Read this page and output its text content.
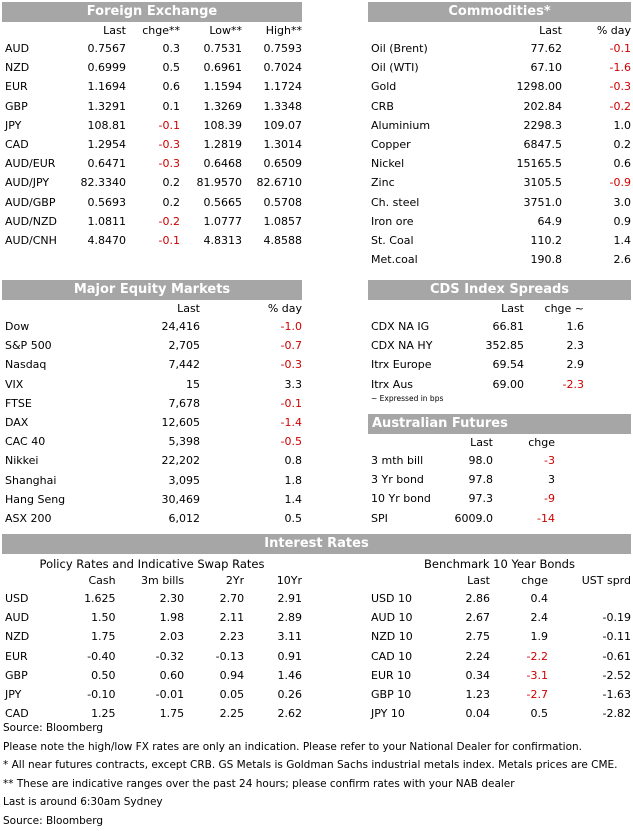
Foreign Exchange
	Last	chge**	Low**	High**
AUD	0.7567	0.3	0.7531	0.7593
NZD	0.6999	0.5	0.6961	0.7024
EUR	1.1694	0.6	1.1594	1.1724
GBP	1.3291	0.1	1.3269	1.3348
JPY	108.81	-0.1	108.39	109.07
CAD	1.2954	-0.3	1.2819	1.3014
AUD/EUR	0.6471	-0.3	0.6468	0.6509
AUD/JPY	82.3340	0.2	81.9570	82.6710
AUD/GBP	0.5693	0.2	0.5665	0.5708
AUD/NZD	1.0811	-0.2	1.0777	1.0857
AUD/CNH	4.8470	-0.1	4.8313	4.8588
Commodities*
	Last	% day
Oil (Brent)	77.62	-0.1
Oil (WTI)	67.10	-1.6
Gold	1298.00	-0.3
CRB	202.84	-0.2
Aluminium	2298.3	1.0
Copper	6847.5	0.2
Nickel	15165.5	0.6
Zinc	3105.5	-0.9
Ch. steel	3751.0	3.0
Iron ore	64.9	0.9
St. Coal	110.2	1.4
Met.coal	190.8	2.6
Major Equity Markets
	Last	% day
Dow	24,416	-1.0
S&P 500	2,705	-0.7
Nasdaq	7,442	-0.3
VIX	15	3.3
FTSE	7,678	-0.1
DAX	12,605	-1.4
CAC 40	5,398	-0.5
Nikkei	22,202	0.8
Shanghai	3,095	1.8
Hang Seng	30,469	1.4
ASX 200	6,012	0.5
CDS Index Spreads
	Last	chge ~	
CDX NA IG	66.81	1.6	
CDX NA HY	352.85	2.3	
Itrx Europe	69.54	2.9	
Itrx Aus	69.00	-2.3	
~ Expressed in bps
Australian Futures
	Last	chge	
3 mth bill	98.0	-3	
3 Yr bond	97.8	3	
10 Yr bond	97.3	-9	
SPI	6009.0	-14	
Interest Rates
Policy Rates and Indicative Swap Rates
	Cash	3m bills	2Yr	10Yr
USD	1.625	2.30	2.70	2.91
AUD	1.50	1.98	2.11	2.89
NZD	1.75	2.03	2.23	3.11
EUR	-0.40	-0.32	-0.13	0.91
GBP	0.50	0.60	0.94	1.46
JPY	-0.10	-0.01	0.05	0.26
CAD	1.25	1.75	2.25	2.62
Benchmark 10 Year Bonds
	Last	chge	UST sprd
USD 10	2.86	0.4	
AUD 10	2.67	2.4	-0.19
NZD 10	2.75	1.9	-0.11
CAD 10	2.24	-2.2	-0.61
EUR 10	0.34	-3.1	-2.52
GBP 10	1.23	-2.7	-1.63
JPY 10	0.04	0.5	-2.82
Source: Bloomberg
Please note the high/low FX rates are only an indication. Please refer to your National Dealer for confirmation.
* All near futures contracts, except CRB. GS Metals is Goldman Sachs industrial metals index. Metals prices are CME.
** These are indicative ranges over the past 24 hours; please confirm rates with your NAB dealer
Last is around 6:30am Sydney
Source: Bloomberg
